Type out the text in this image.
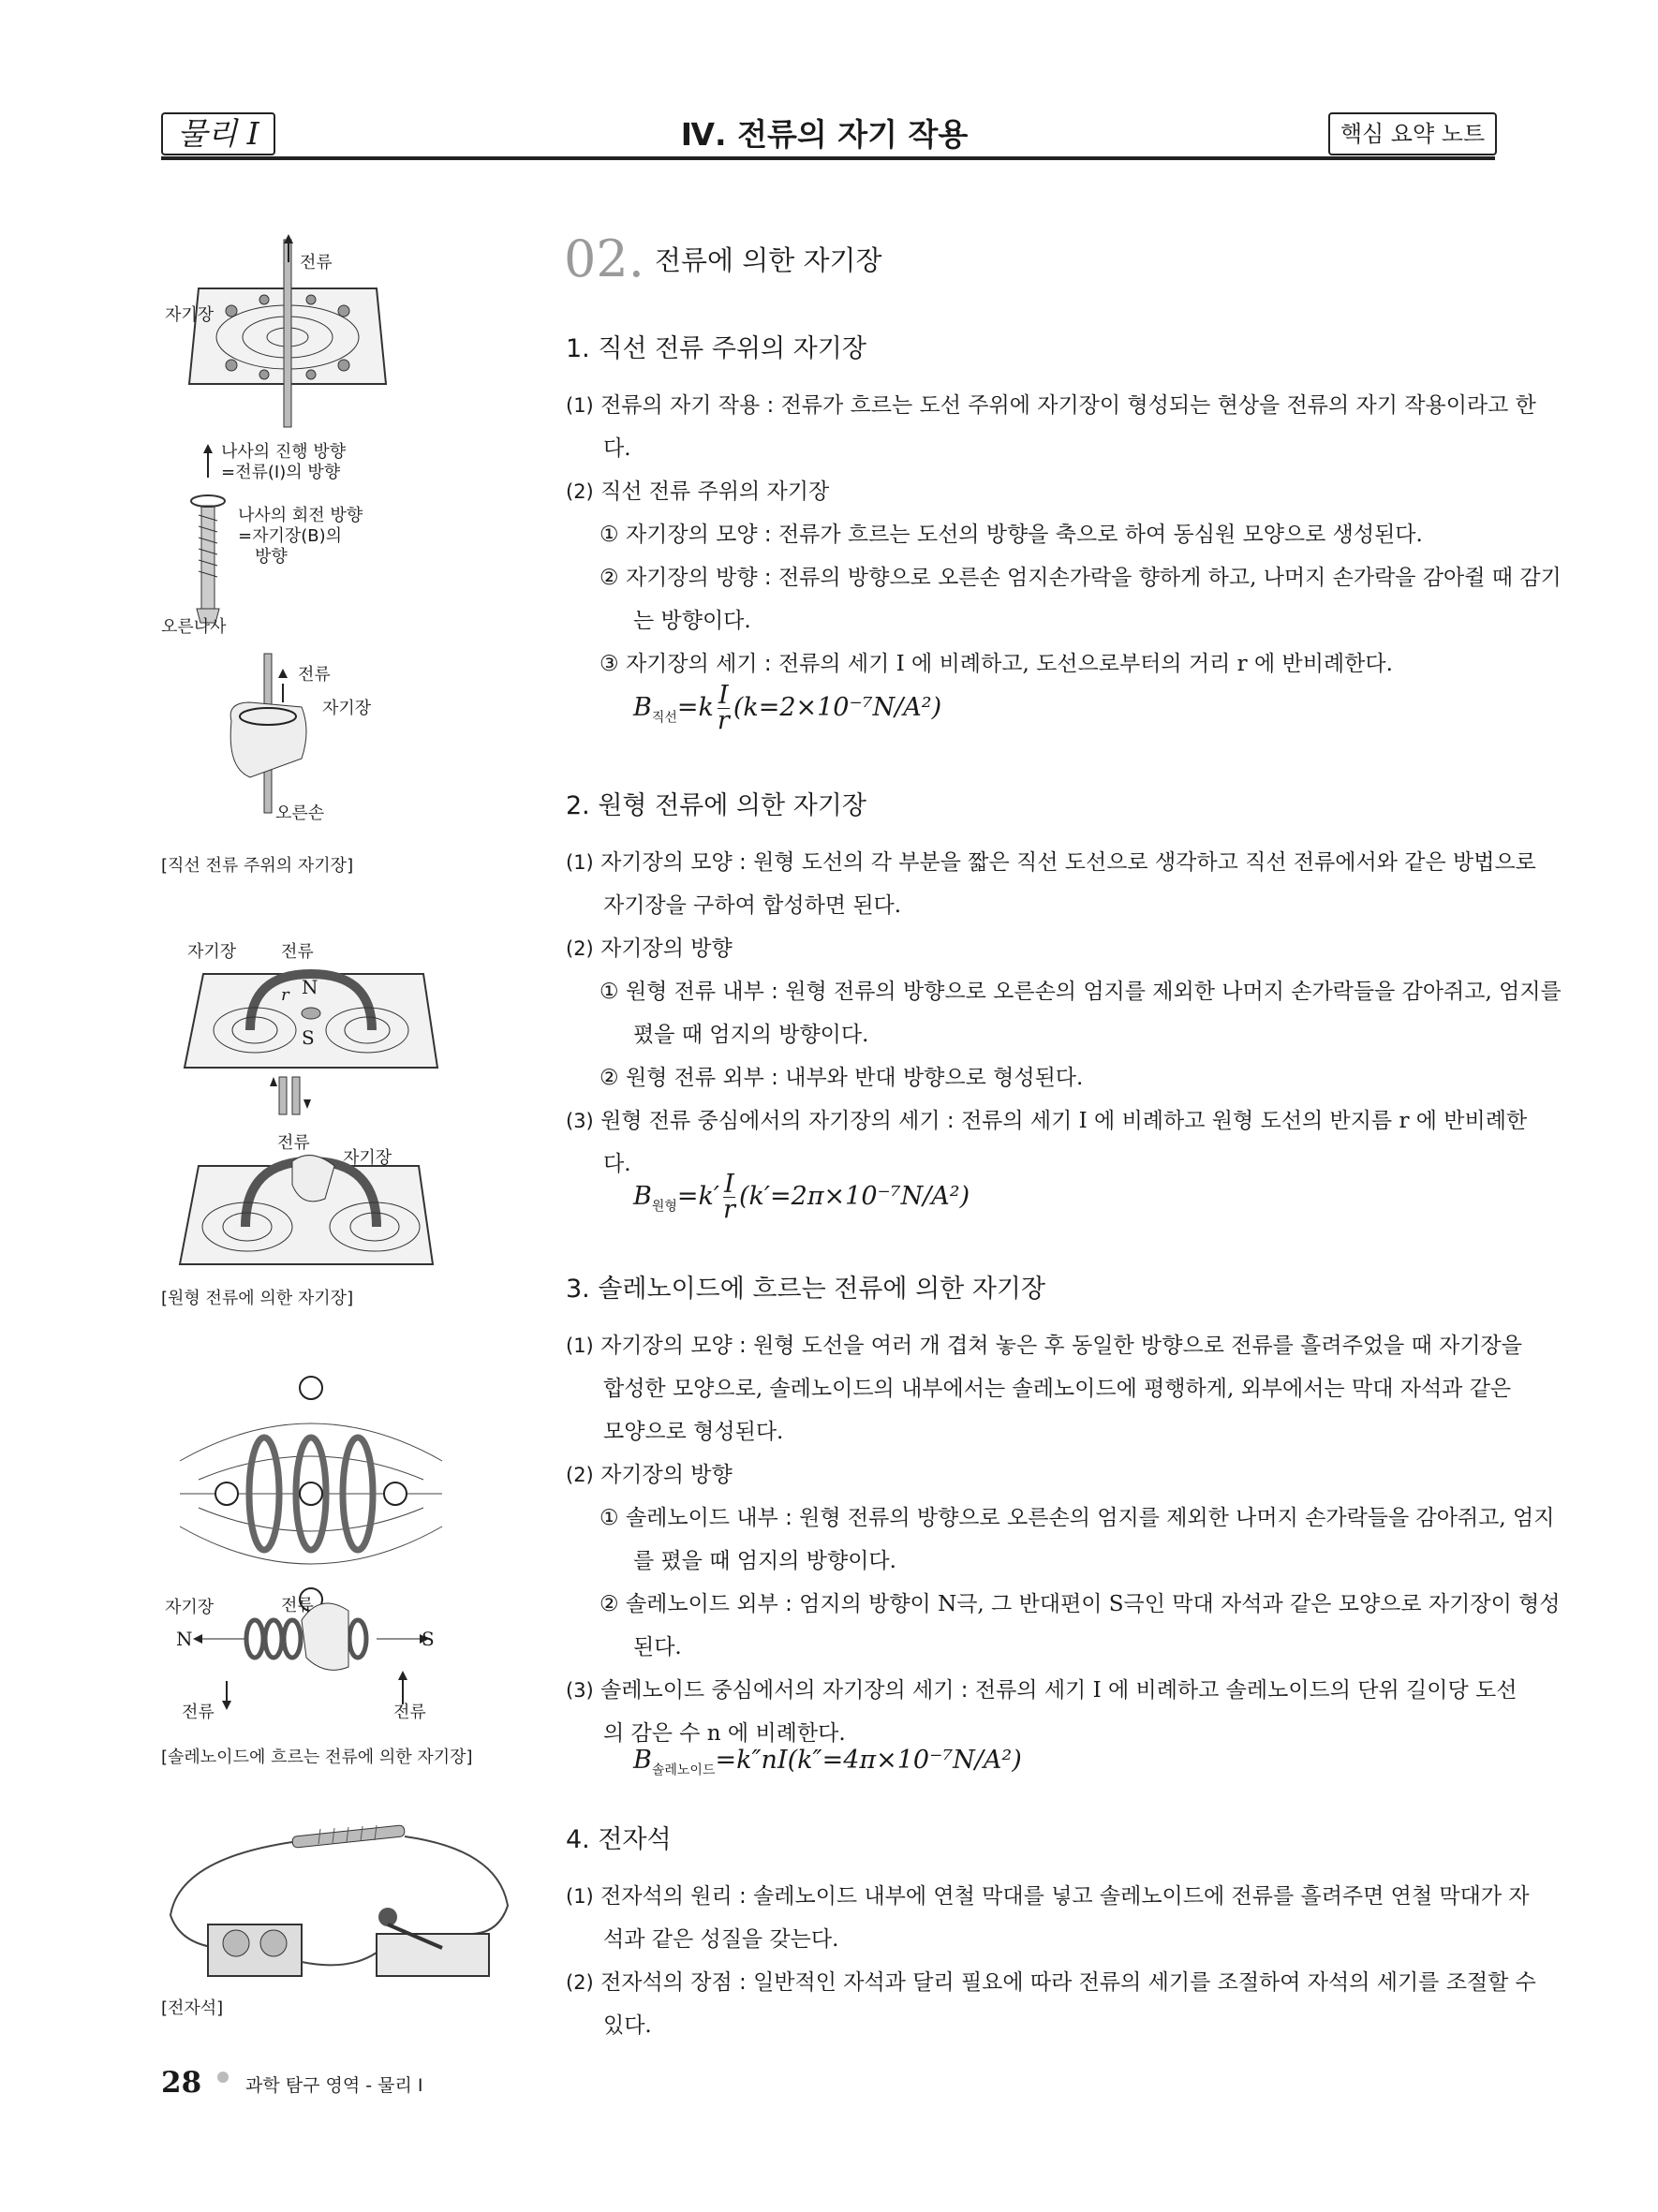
물리 I	Ⅳ. 전류의 자기 작용	핵심 요약 노트
02. 전류에 의한 자기장
1. 직선 전류 주위의 자기장
(1) 전류의 자기 작용 : 전류가 흐르는 도선 주위에 자기장이 형성되는 현상을 전류의 자기 작용이라고 한다.
(2) 직선 전류 주위의 자기장
① 자기장의 모양 : 전류가 흐르는 도선의 방향을 축으로 하여 동심원 모양으로 생성된다.
② 자기장의 방향 : 전류의 방향으로 오른손 엄지손가락을 향하게 하고, 나머지 손가락을 감아쥘 때 감기는 방향이다.
③ 자기장의 세기 : 전류의 세기 I 에 비례하고, 도선으로부터의 거리 r 에 반비례한다.
$B_{직선}=k \frac{I}{r} (k=2\times 10^{-7}N/A^2)$
2. 원형 전류에 의한 자기장
(1) 자기장의 모양 : 원형 도선의 각 부분을 짧은 직선 도선으로 생각하고 직선 전류에서와 같은 방법으로 자기장을 구하여 합성하면 된다.
(2) 자기장의 방향
① 원형 전류 내부 : 원형 전류의 방향으로 오른손의 엄지를 제외한 나머지 손가락들을 감아쥐고, 엄지를 폈을 때 엄지의 방향이다.
② 원형 전류 외부 : 내부와 반대 방향으로 형성된다.
(3) 원형 전류 중심에서의 자기장의 세기 : 전류의 세기 I 에 비례하고 원형 도선의 반지름 r 에 반비례한다.
$B_{원형}=k' \frac{I}{r} (k'=2\pi\times 10^{-7}N/A^2)$
3. 솔레노이드에 흐르는 전류에 의한 자기장
(1) 자기장의 모양 : 원형 도선을 여러 개 겹쳐 놓은 후 동일한 방향으로 전류를 흘려주었을 때 자기장을 합성한 모양으로, 솔레노이드의 내부에서는 솔레노이드에 평행하게, 외부에서는 막대 자석과 같은 모양으로 형성된다.
(2) 자기장의 방향
① 솔레노이드 내부 : 원형 전류의 방향으로 오른손의 엄지를 제외한 나머지 손가락들을 감아쥐고, 엄지를 폈을 때 엄지의 방향이다.
② 솔레노이드 외부 : 엄지의 방향이 N극, 그 반대편이 S극인 막대 자석과 같은 모양으로 자기장이 형성된다.
(3) 솔레노이드 중심에서의 자기장의 세기 : 전류의 세기 I 에 비례하고 솔레노이드의 단위 길이당 도선의 감은 수 n 에 비례한다.
$B_{솔레노이드}=k''nI(k''=4\pi\times 10^{-7}N/A^2)$
4. 전자석
(1) 전자석의 원리 : 솔레노이드 내부에 연철 막대를 넣고 솔레노이드에 전류를 흘려주면 연철 막대가 자석과 같은 성질을 갖는다.
(2) 전자석의 장점 : 일반적인 자석과 달리 필요에 따라 전류의 세기를 조절하여 자석의 세기를 조절할 수 있다.
전류
자기장
나사의 진행 방향
=전류(I)의 방향
나사의 회전 방향
=자기장(B)의
방향
오른나사
전류
자기장
오른손
[직선 전류 주위의 자기장]
자기장	전류
N
r
S
전류
자기장
[원형 전류에 의한 자기장]
자기장	전류
N	S
전류	전류
[솔레노이드에 흐르는 전류에 의한 자기장]
[전자석]
28 과학 탐구 영역 - 물리 I
